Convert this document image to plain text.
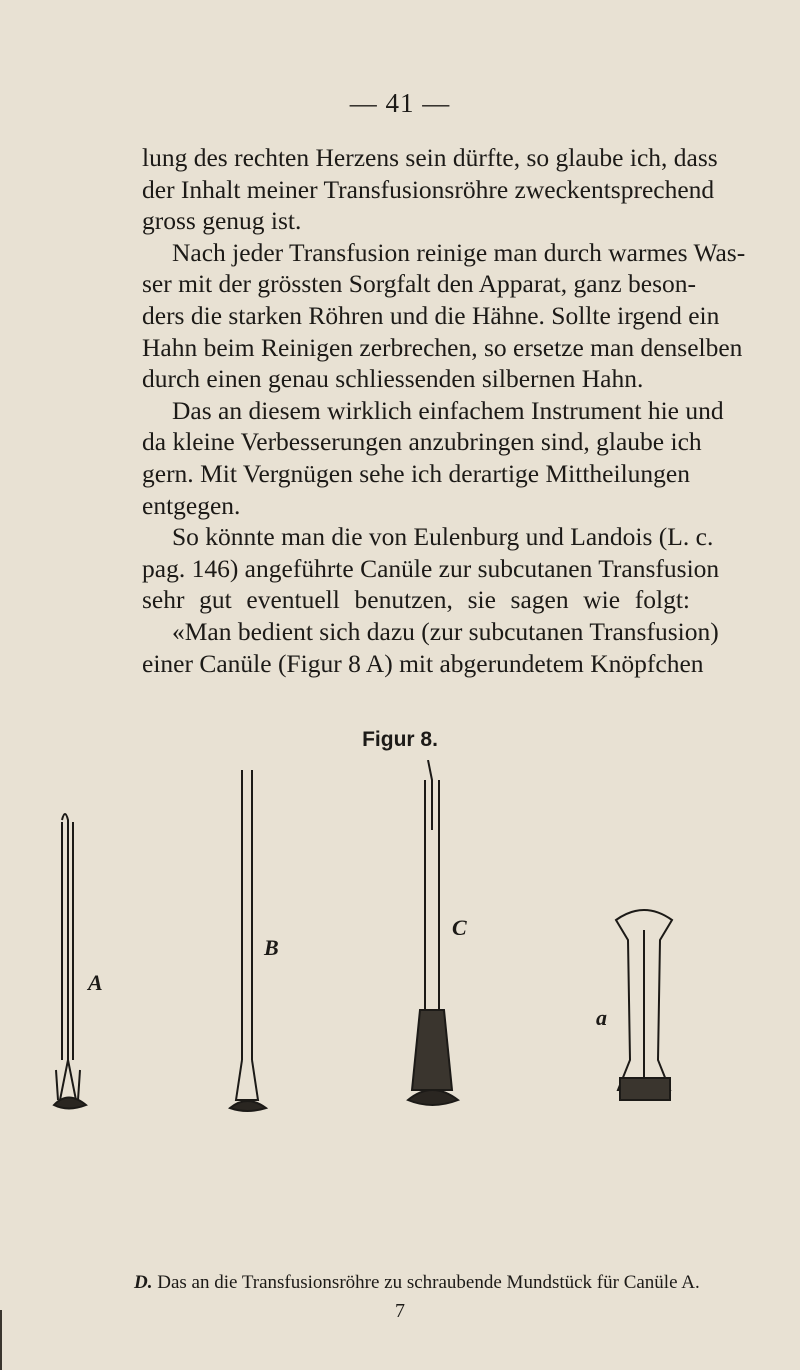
— 41 —
lung des rechten Herzens sein dürfte, so glaube ich, dass
der Inhalt meiner Transfusionsröhre zweckentsprechend
gross genug ist.
Nach jeder Transfusion reinige man durch warmes Was-
ser mit der grössten Sorgfalt den Apparat, ganz beson-
ders die starken Röhren und die Hähne. Sollte irgend ein
Hahn beim Reinigen zerbrechen, so ersetze man denselben
durch einen genau schliessenden silbernen Hahn.
Das an diesem wirklich einfachem Instrument hie und
da kleine Verbesserungen anzubringen sind, glaube ich
gern. Mit Vergnügen sehe ich derartige Mittheilungen
entgegen.
So könnte man die von Eulenburg und Landois (L. c.
pag. 146) angeführte Canüle zur subcutanen Transfusion
sehr gut eventuell benutzen, sie sagen wie folgt:
«Man bedient sich dazu (zur subcutanen Transfusion)
einer Canüle (Figur 8 A) mit abgerundetem Knöpfchen
Figur 8.
A
B
C
a
D. Das an die Transfusionsröhre zu schraubende Mundstück für Canüle A.
7
